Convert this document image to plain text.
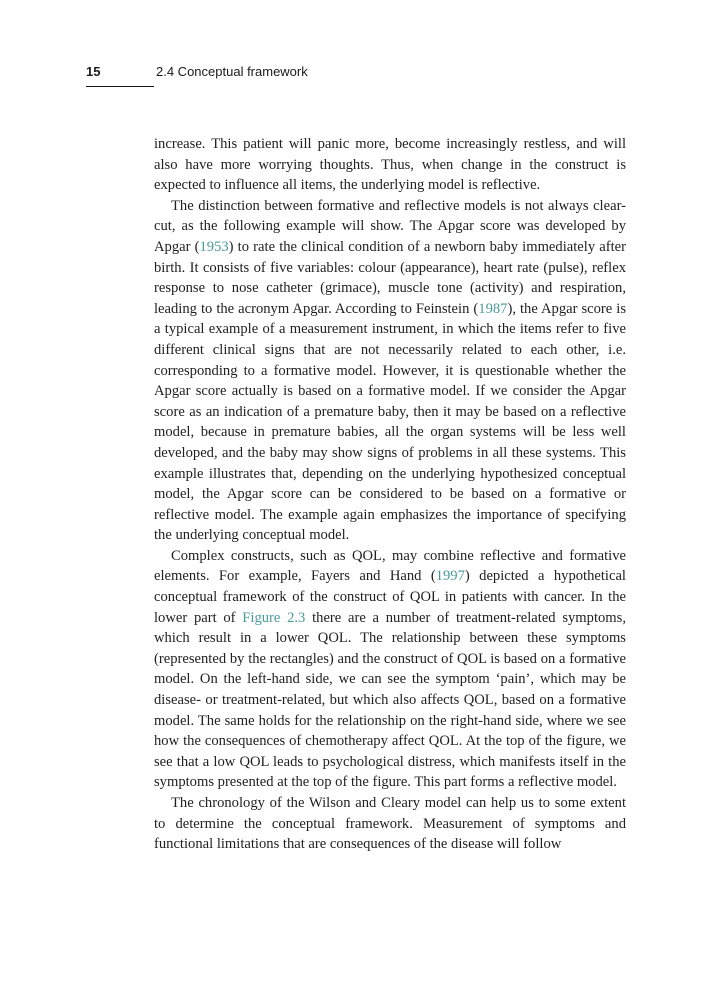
15	2.4 Conceptual framework

increase. This patient will panic more, become increasingly restless, and will also have more worrying thoughts. Thus, when change in the construct is expected to influence all items, the underlying model is reflective.

The distinction between formative and reflective models is not always clear-cut, as the following example will show. The Apgar score was developed by Apgar (1953) to rate the clinical condition of a newborn baby immediately after birth. It consists of five variables: colour (appearance), heart rate (pulse), reflex response to nose catheter (grimace), muscle tone (activity) and respiration, leading to the acronym Apgar. According to Feinstein (1987), the Apgar score is a typical example of a measurement instrument, in which the items refer to five different clinical signs that are not necessarily related to each other, i.e. corresponding to a formative model. However, it is questionable whether the Apgar score actually is based on a formative model. If we consider the Apgar score as an indication of a premature baby, then it may be based on a reflective model, because in premature babies, all the organ systems will be less well developed, and the baby may show signs of problems in all these systems. This example illustrates that, depending on the underlying hypothesized conceptual model, the Apgar score can be considered to be based on a formative or reflective model. The example again emphasizes the importance of specifying the underlying conceptual model.

Complex constructs, such as QOL, may combine reflective and formative elements. For example, Fayers and Hand (1997) depicted a hypothetical conceptual framework of the construct of QOL in patients with cancer. In the lower part of Figure 2.3 there are a number of treatment-related symptoms, which result in a lower QOL. The relationship between these symptoms (represented by the rectangles) and the construct of QOL is based on a formative model. On the left-hand side, we can see the symptom ‘pain’, which may be disease- or treatment-related, but which also affects QOL, based on a formative model. The same holds for the relationship on the right-hand side, where we see how the consequences of chemotherapy affect QOL. At the top of the figure, we see that a low QOL leads to psychological distress, which manifests itself in the symptoms presented at the top of the figure. This part forms a reflective model.

The chronology of the Wilson and Cleary model can help us to some extent to determine the conceptual framework. Measurement of symptoms and functional limitations that are consequences of the disease will follow
